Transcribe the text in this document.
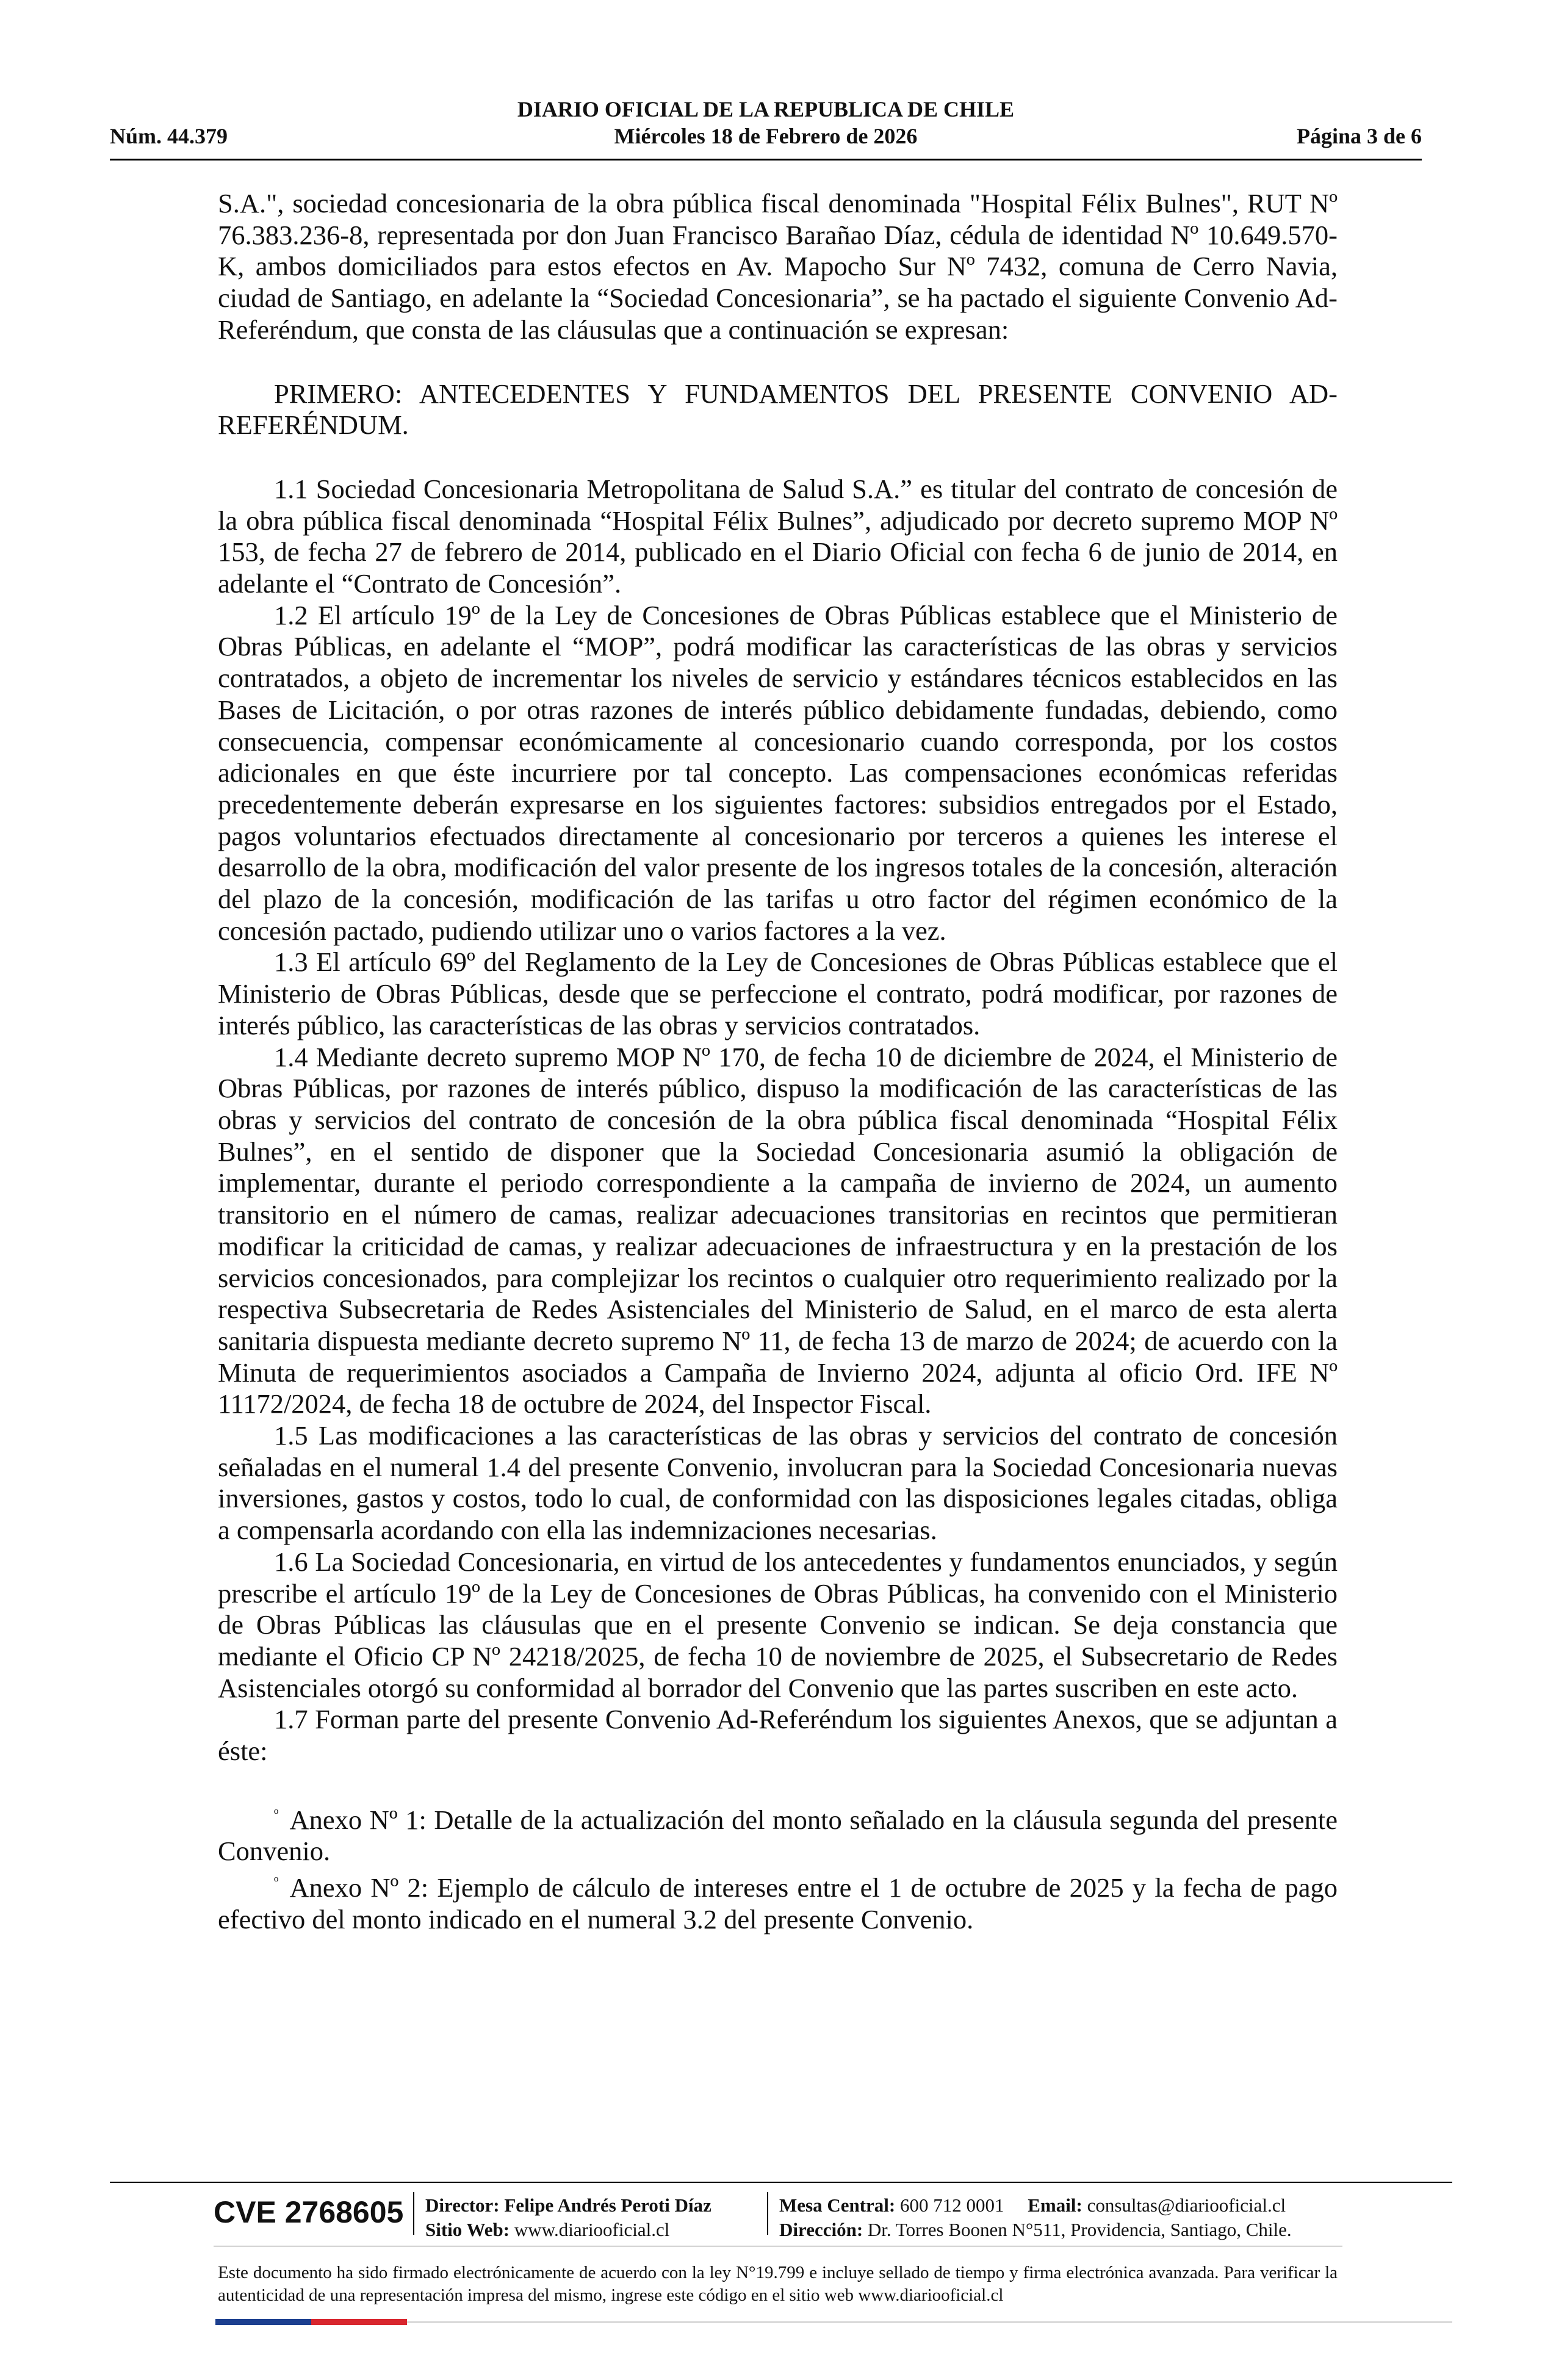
DIARIO OFICIAL DE LA REPUBLICA DE CHILE
Núm. 44.379	Miércoles 18 de Febrero de 2026	Página 3 de 6

S.A.", sociedad concesionaria de la obra pública fiscal denominada "Hospital Félix Bulnes", RUT Nº 76.383.236-8, representada por don Juan Francisco Barañao Díaz, cédula de identidad Nº 10.649.570-K, ambos domiciliados para estos efectos en Av. Mapocho Sur Nº 7432, comuna de Cerro Navia, ciudad de Santiago, en adelante la “Sociedad Concesionaria”, se ha pactado el siguiente Convenio Ad-Referéndum, que consta de las cláusulas que a continuación se expresan:

PRIMERO: ANTECEDENTES Y FUNDAMENTOS DEL PRESENTE CONVENIO AD-REFERÉNDUM.

1.1 Sociedad Concesionaria Metropolitana de Salud S.A.” es titular del contrato de concesión de la obra pública fiscal denominada “Hospital Félix Bulnes”, adjudicado por decreto supremo MOP Nº 153, de fecha 27 de febrero de 2014, publicado en el Diario Oficial con fecha 6 de junio de 2014, en adelante el “Contrato de Concesión”.

1.2 El artículo 19º de la Ley de Concesiones de Obras Públicas establece que el Ministerio de Obras Públicas, en adelante el “MOP”, podrá modificar las características de las obras y servicios contratados, a objeto de incrementar los niveles de servicio y estándares técnicos establecidos en las Bases de Licitación, o por otras razones de interés público debidamente fundadas, debiendo, como consecuencia, compensar económicamente al concesionario cuando corresponda, por los costos adicionales en que éste incurriere por tal concepto. Las compensaciones económicas referidas precedentemente deberán expresarse en los siguientes factores: subsidios entregados por el Estado, pagos voluntarios efectuados directamente al concesionario por terceros a quienes les interese el desarrollo de la obra, modificación del valor presente de los ingresos totales de la concesión, alteración del plazo de la concesión, modificación de las tarifas u otro factor del régimen económico de la concesión pactado, pudiendo utilizar uno o varios factores a la vez.

1.3 El artículo 69º del Reglamento de la Ley de Concesiones de Obras Públicas establece que el Ministerio de Obras Públicas, desde que se perfeccione el contrato, podrá modificar, por razones de interés público, las características de las obras y servicios contratados.

1.4 Mediante decreto supremo MOP Nº 170, de fecha 10 de diciembre de 2024, el Ministerio de Obras Públicas, por razones de interés público, dispuso la modificación de las características de las obras y servicios del contrato de concesión de la obra pública fiscal denominada “Hospital Félix Bulnes”, en el sentido de disponer que la Sociedad Concesionaria asumió la obligación de implementar, durante el periodo correspondiente a la campaña de invierno de 2024, un aumento transitorio en el número de camas, realizar adecuaciones transitorias en recintos que permitieran modificar la criticidad de camas, y realizar adecuaciones de infraestructura y en la prestación de los servicios concesionados, para complejizar los recintos o cualquier otro requerimiento realizado por la respectiva Subsecretaria de Redes Asistenciales del Ministerio de Salud, en el marco de esta alerta sanitaria dispuesta mediante decreto supremo Nº 11, de fecha 13 de marzo de 2024; de acuerdo con la Minuta de requerimientos asociados a Campaña de Invierno 2024, adjunta al oficio Ord. IFE Nº 11172/2024, de fecha 18 de octubre de 2024, del Inspector Fiscal.

1.5 Las modificaciones a las características de las obras y servicios del contrato de concesión señaladas en el numeral 1.4 del presente Convenio, involucran para la Sociedad Concesionaria nuevas inversiones, gastos y costos, todo lo cual, de conformidad con las disposiciones legales citadas, obliga a compensarla acordando con ella las indemnizaciones necesarias.

1.6 La Sociedad Concesionaria, en virtud de los antecedentes y fundamentos enunciados, y según prescribe el artículo 19º de la Ley de Concesiones de Obras Públicas, ha convenido con el Ministerio de Obras Públicas las cláusulas que en el presente Convenio se indican. Se deja constancia que mediante el Oficio CP Nº 24218/2025, de fecha 10 de noviembre de 2025, el Subsecretario de Redes Asistenciales otorgó su conformidad al borrador del Convenio que las partes suscriben en este acto.

1.7 Forman parte del presente Convenio Ad-Referéndum los siguientes Anexos, que se adjuntan a éste:

$^º$ Anexo Nº 1: Detalle de la actualización del monto señalado en la cláusula segunda del presente Convenio.

$^º$ Anexo Nº 2: Ejemplo de cálculo de intereses entre el 1 de octubre de 2025 y la fecha de pago efectivo del monto indicado en el numeral 3.2 del presente Convenio.

CVE 2768605 Director: Felipe Andrés Peroti Díaz
Sitio Web: www.diariooficial.cl
Mesa Central: 600 712 0001 Email: consultas@diariooficial.cl
Dirección: Dr. Torres Boonen N°511, Providencia, Santiago, Chile.
Este documento ha sido firmado electrónicamente de acuerdo con la ley N°19.799 e incluye sellado de tiempo y firma electrónica avanzada. Para verificar la autenticidad de una representación impresa del mismo, ingrese este código en el sitio web www.diariooficial.cl
